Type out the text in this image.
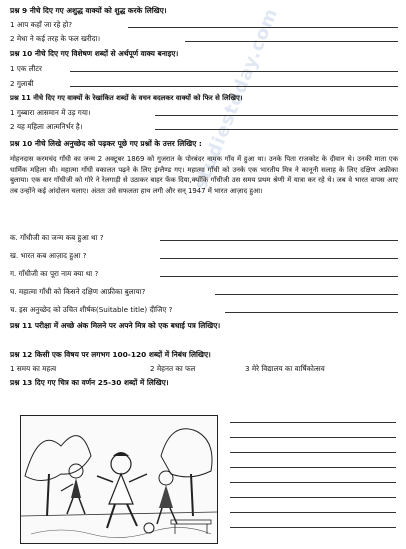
studiestoday.com
प्रश्न 9 नीचे दिए गए अशुद्ध वाक्यों को शुद्ध करके लिखिए।
1 आप कहाँ जा रहे हो?
2 मेधा ने कई तरह के फल खरीदा।
प्रश्न 10 नीचे दिए गए विशेषण शब्दों से अर्थपूर्ण वाक्य बनाइए।
1 एक लीटर
2 गुलाबी
प्रश्न 11 नीचे दिए गए वाक्यों के रेखांकित शब्दों के वचन बदलकर वाक्यों को फिर से लिखिए।
1 गुब्बारा आसमान में उड़ गया।
2 यह महिला आत्मनिर्भर है।
प्रश्न 10 नीचे लिखे अनुच्छेद को पढ़कर पूछे गए प्रश्नों के उत्तर लिखिए :
मोहनदास करमचंद गाँधी का जन्म 2 अक्टूबर 1869 को गुजरात के पोरबंदर नामक गाँव में हुआ था। उनके पिता राजकोट के दीवान थे। उनकी माता एक धार्मिक महिला थी। महात्मा गाँधी वकालत पढ़ने के लिए इंग्लैण्ड गए। महात्मा गाँधी को उनके एक भारतीय मित्र ने कानूनी सलाह के लिए दक्षिण अफ्रीका बुलाया। एक बार गाँधीजी को गोरे ने रेलगाड़ी से उठाकर बाहर फेंक दिया,क्योंकि गाँधीजी उस समय प्रथम श्रेणी में यात्रा कर रहे थे। जब वे भारत वापस आए तब उन्होंने कई आंदोलन चलाए। अंततः उसे सफलता हाथ लगी और सन् 1947 में भारत आज़ाद हुआ।
क. गाँधीजी का जन्म कब हुआ था ?
ख. भारत कब आज़ाद हुआ ?
ग. गाँधीजी का पूरा नाम क्या था ?
घ. महात्मा गाँधी को किसने दक्षिण आफ्रीका बुलाया?
च. इस अनुच्छेद को उचित शीर्षक(Suitable title) दीजिए ?
प्रश्न 11 परीक्षा में अच्छे अंक मिलने पर अपने मित्र को एक बधाई पत्र लिखिए।
प्रश्न 12 किसी एक विषय पर लगभग 100-120 शब्दों में निबंध लिखिए।
1 समय का महत्व	2 मेहनत का फल	3 मेरे विद्यालय का वार्षिकोत्सव
प्रश्न 13 दिए गए चित्र का वर्णन 25-30 शब्दों में लिखिए।
